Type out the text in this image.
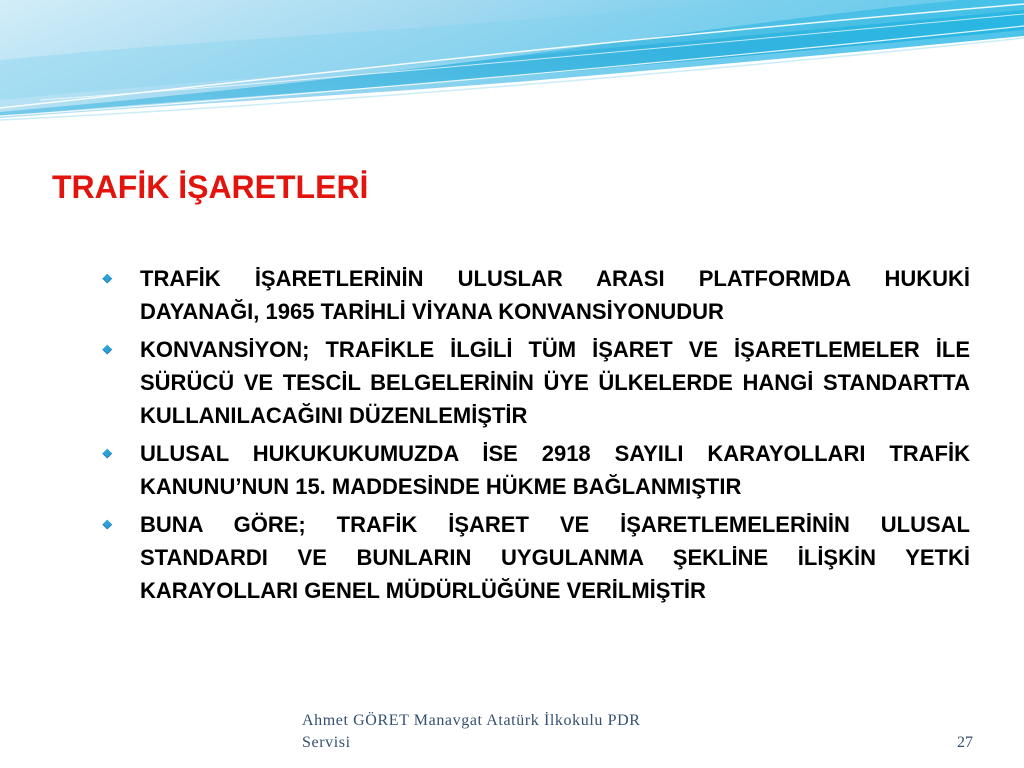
TRAFİK İŞARETLERİ
TRAFİK İŞARETLERİNİN ULUSLAR ARASI PLATFORMDA HUKUKİ
DAYANAĞI, 1965 TARİHLİ VİYANA KONVANSİYONUDUR
KONVANSİYON; TRAFİKLE İLGİLİ TÜM İŞARET VE İŞARETLEMELER İLE
SÜRÜCÜ VE TESCİL BELGELERİNİN ÜYE ÜLKELERDE HANGİ STANDARTTA
KULLANILACAĞINI DÜZENLEMİŞTİR
ULUSAL HUKUKUKUMUZDA İSE 2918 SAYILI KARAYOLLARI TRAFİK
KANUNU’NUN 15. MADDESİNDE HÜKME BAĞLANMIŞTIR
BUNA GÖRE; TRAFİK İŞARET VE İŞARETLEMELERİNİN ULUSAL
STANDARDI VE BUNLARIN UYGULANMA ŞEKLİNE İLİŞKİN YETKİ
KARAYOLLARI GENEL MÜDÜRLÜĞÜNE VERİLMİŞTİR
Ahmet GÖRET Manavgat Atatürk İlkokulu PDR Servisi	27
